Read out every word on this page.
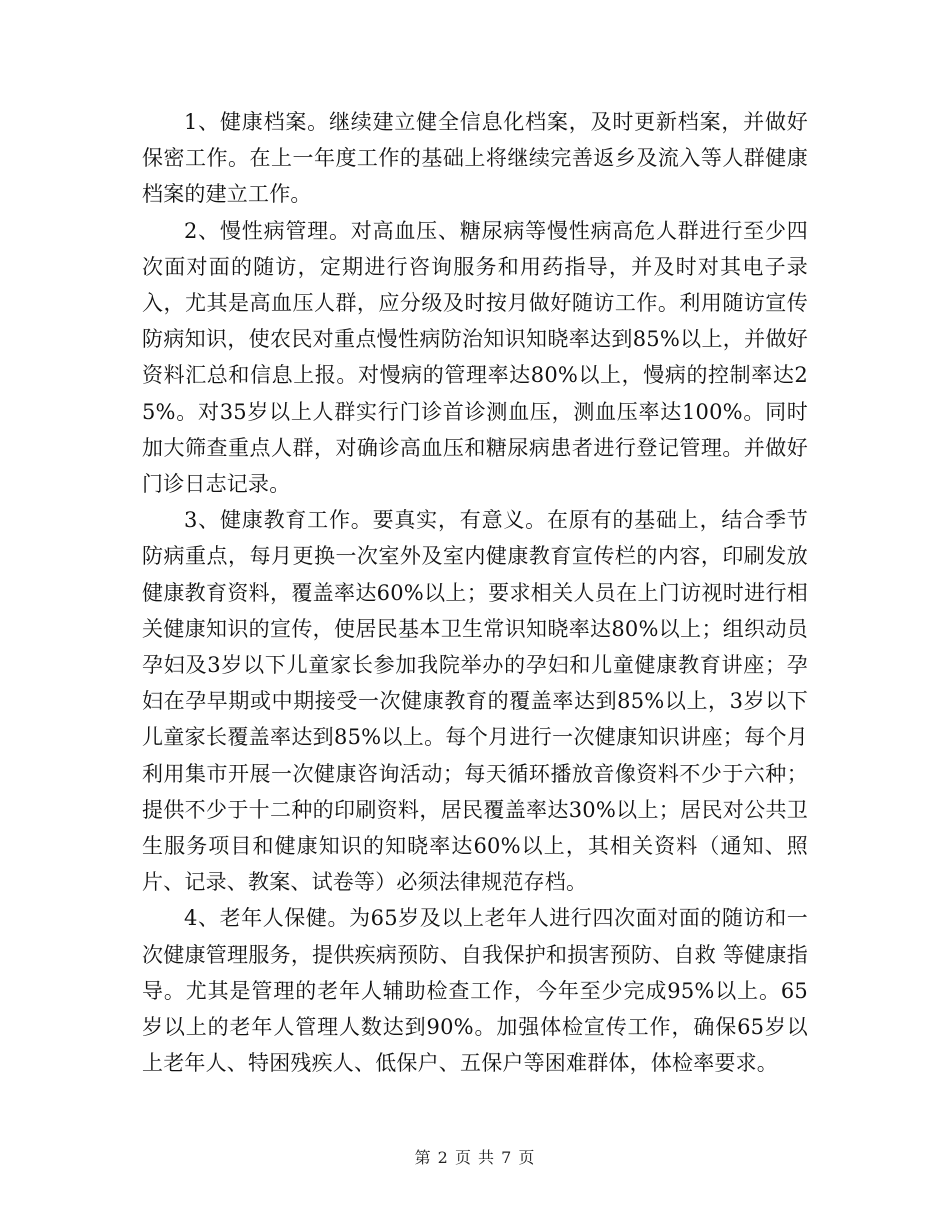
1、健康档案。继续建立健全信息化档案，及时更新档案，并做好保密工作。在上一年度工作的基础上将继续完善返乡及流入等人群健康档案的建立工作。

2、慢性病管理。对高血压、糖尿病等慢性病高危人群进行至少四次面对面的随访，定期进行咨询服务和用药指导，并及时对其电子录入，尤其是高血压人群，应分级及时按月做好随访工作。利用随访宣传防病知识，使农民对重点慢性病防治知识知晓率达到85%以上，并做好资料汇总和信息上报。对慢病的管理率达80%以上，慢病的控制率达25%。对35岁以上人群实行门诊首诊测血压，测血压率达100%。同时加大筛查重点人群，对确诊高血压和糖尿病患者进行登记管理。并做好门诊日志记录。

3、健康教育工作。要真实，有意义。在原有的基础上，结合季节防病重点，每月更换一次室外及室内健康教育宣传栏的内容，印刷发放健康教育资料，覆盖率达60%以上；要求相关人员在上门访视时进行相关健康知识的宣传，使居民基本卫生常识知晓率达80%以上；组织动员孕妇及3岁以下儿童家长参加我院举办的孕妇和儿童健康教育讲座；孕妇在孕早期或中期接受一次健康教育的覆盖率达到85%以上，3岁以下儿童家长覆盖率达到85%以上。每个月进行一次健康知识讲座；每个月利用集市开展一次健康咨询活动；每天循环播放音像资料不少于六种；提供不少于十二种的印刷资料，居民覆盖率达30%以上；居民对公共卫生服务项目和健康知识的知晓率达60%以上，其相关资料（通知、照片、记录、教案、试卷等）必须法律规范存档。

4、老年人保健。为65岁及以上老年人进行四次面对面的随访和一次健康管理服务，提供疾病预防、自我保护和损害预防、自救 等健康指导。尤其是管理的老年人辅助检查工作，今年至少完成95%以上。65岁以上的老年人管理人数达到90%。加强体检宣传工作，确保65岁以上老年人、特困残疾人、低保户、五保户等困难群体，体检率要求。

第 2 页 共 7 页
